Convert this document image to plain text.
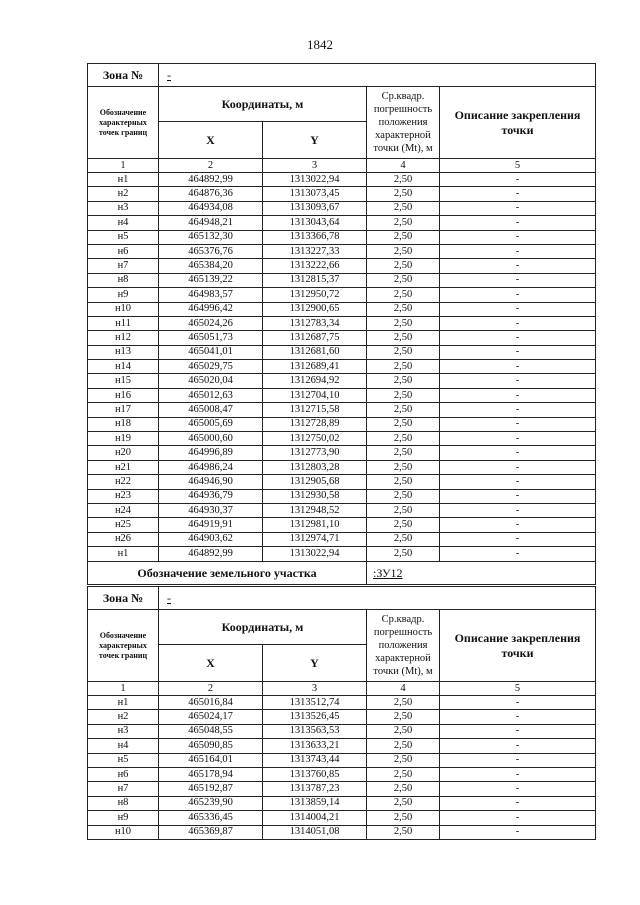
1842
Зона №	-			
Обозначение характерных точек границ	Координаты, м		Ср.квадр. погрешность положения характерной точки (Мt), м	Описание закрепления точки
	X	Y		
1	2	3	4	5
н1	464892,99	1313022,94	2,50	-
н2	464876,36	1313073,45	2,50	-
н3	464934,08	1313093,67	2,50	-
н4	464948,21	1313043,64	2,50	-
н5	465132,30	1313366,78	2,50	-
н6	465376,76	1313227,33	2,50	-
н7	465384,20	1313222,66	2,50	-
н8	465139,22	1312815,37	2,50	-
н9	464983,57	1312950,72	2,50	-
н10	464996,42	1312900,65	2,50	-
н11	465024,26	1312783,34	2,50	-
н12	465051,73	1312687,75	2,50	-
н13	465041,01	1312681,60	2,50	-
н14	465029,75	1312689,41	2,50	-
н15	465020,04	1312694,92	2,50	-
н16	465012,63	1312704,10	2,50	-
н17	465008,47	1312715,58	2,50	-
н18	465005,69	1312728,89	2,50	-
н19	465000,60	1312750,02	2,50	-
н20	464996,89	1312773,90	2,50	-
н21	464986,24	1312803,28	2,50	-
н22	464946,90	1312905,68	2,50	-
н23	464936,79	1312930,58	2,50	-
н24	464930,37	1312948,52	2,50	-
н25	464919,91	1312981,10	2,50	-
н26	464903,62	1312974,71	2,50	-
н1	464892,99	1313022,94	2,50	-
Обозначение земельного участка			:ЗУ12	
Зона №	-			
Обозначение характерных точек границ	Координаты, м		Ср.квадр. погрешность положения характерной точки (Мt), м	Описание закрепления точки
	X	Y		
1	2	3	4	5
н1	465016,84	1313512,74	2,50	-
н2	465024,17	1313526,45	2,50	-
н3	465048,55	1313563,53	2,50	-
н4	465090,85	1313633,21	2,50	-
н5	465164,01	1313743,44	2,50	-
н6	465178,94	1313760,85	2,50	-
н7	465192,87	1313787,23	2,50	-
н8	465239,90	1313859,14	2,50	-
н9	465336,45	1314004,21	2,50	-
н10	465369,87	1314051,08	2,50	-
